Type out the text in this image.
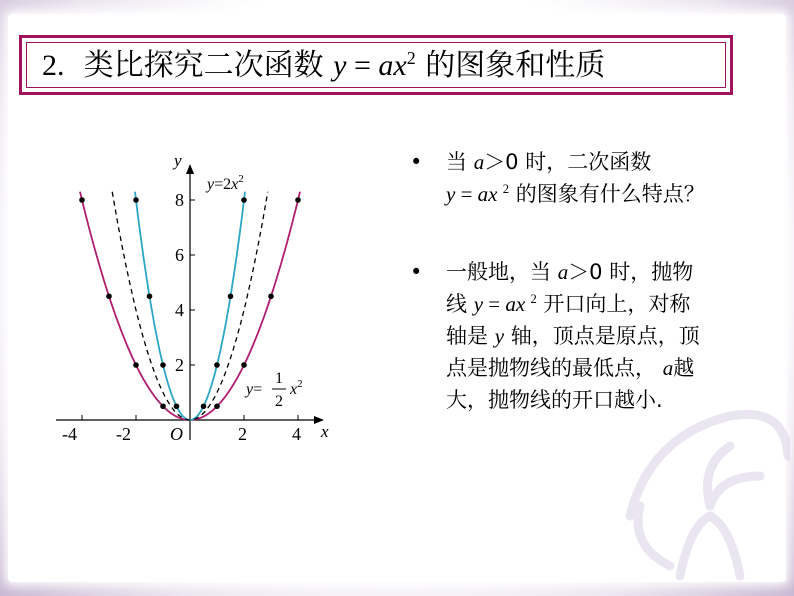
2. 类比探究二次函数 $y = ax^2$ 的图象和性质
y
x
O
-4 -2	2	4
2
4
6
8
$y=2x^2$
y=
1
2
$x^2$
• 当 a＞0 时，二次函数
y = ax $^2$ 的图象有什么特点？
• 一般地，当 a＞0 时，抛物
线 y = ax $^2$ 开口向上，对称
轴是 y 轴，顶点是原点，顶
点是抛物线的最低点， a越
大，抛物线的开口越小.
